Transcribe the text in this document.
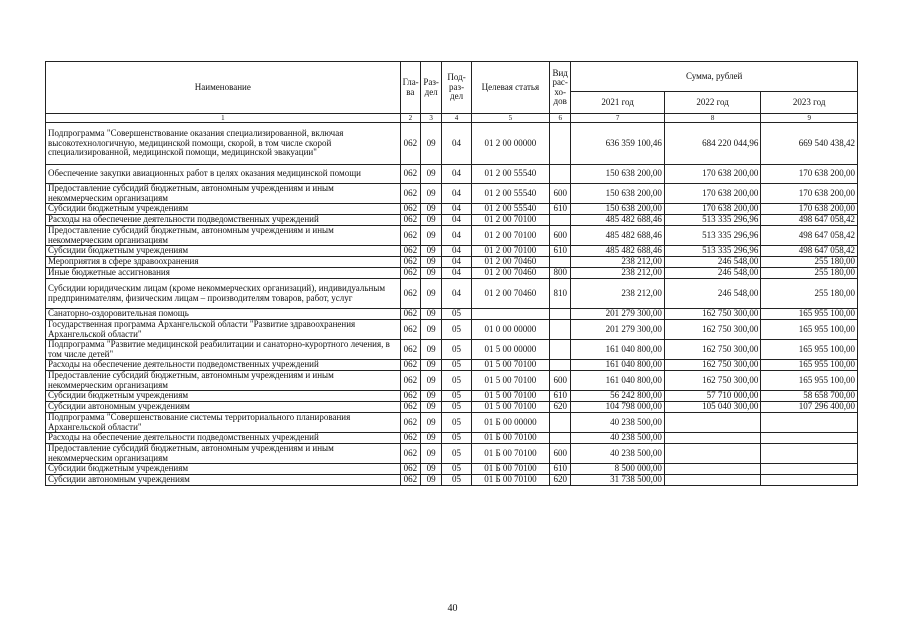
Наименование	Гла-ва	Раз-дел	Под-раз-дел	Целевая статья	Вид рас-хо-дов	Сумма, рублей		
						2021 год	2022 год	2023 год
1	2	3	4	5	6	7	8	9
Подпрограмма "Совершенствование оказания специализированной, включая высокотехнологичную, медицинской помощи, скорой, в том числе скорой специализированной, медицинской помощи, медицинской эвакуации"	062	09	04	01 2 00 00000		636 359 100,46	684 220 044,96	669 540 438,42
Обеспечение закупки авиационных работ в целях оказания медицинской помощи	062	09	04	01 2 00 55540		150 638 200,00	170 638 200,00	170 638 200,00
Предоставление субсидий бюджетным, автономным учреждениям и иным некоммерческим организациям	062	09	04	01 2 00 55540	600	150 638 200,00	170 638 200,00	170 638 200,00
Субсидии бюджетным учреждениям	062	09	04	01 2 00 55540	610	150 638 200,00	170 638 200,00	170 638 200,00
Расходы на обеспечение деятельности подведомственных учреждений	062	09	04	01 2 00 70100		485 482 688,46	513 335 296,96	498 647 058,42
Предоставление субсидий бюджетным, автономным учреждениям и иным некоммерческим организациям	062	09	04	01 2 00 70100	600	485 482 688,46	513 335 296,96	498 647 058,42
Субсидии бюджетным учреждениям	062	09	04	01 2 00 70100	610	485 482 688,46	513 335 296,96	498 647 058,42
Мероприятия в сфере здравоохранения	062	09	04	01 2 00 70460		238 212,00	246 548,00	255 180,00
Иные бюджетные ассигнования	062	09	04	01 2 00 70460	800	238 212,00	246 548,00	255 180,00
Субсидии юридическим лицам (кроме некоммерческих организаций), индивидуальным предпринимателям, физическим лицам – производителям товаров, работ, услуг	062	09	04	01 2 00 70460	810	238 212,00	246 548,00	255 180,00
Санаторно-оздоровительная помощь	062	09	05			201 279 300,00	162 750 300,00	165 955 100,00
Государственная программа Архангельской области "Развитие здравоохранения Архангельской области"	062	09	05	01 0 00 00000		201 279 300,00	162 750 300,00	165 955 100,00
Подпрограмма "Развитие медицинской реабилитации и санаторно-курортного лечения, в том числе детей"	062	09	05	01 5 00 00000		161 040 800,00	162 750 300,00	165 955 100,00
Расходы на обеспечение деятельности подведомственных учреждений	062	09	05	01 5 00 70100		161 040 800,00	162 750 300,00	165 955 100,00
Предоставление субсидий бюджетным, автономным учреждениям и иным некоммерческим организациям	062	09	05	01 5 00 70100	600	161 040 800,00	162 750 300,00	165 955 100,00
Субсидии бюджетным учреждениям	062	09	05	01 5 00 70100	610	56 242 800,00	57 710 000,00	58 658 700,00
Субсидии автономным учреждениям	062	09	05	01 5 00 70100	620	104 798 000,00	105 040 300,00	107 296 400,00
Подпрограмма "Совершенствование системы территориального планирования Архангельской области"	062	09	05	01 Б 00 00000		40 238 500,00		
Расходы на обеспечение деятельности подведомственных учреждений	062	09	05	01 Б 00 70100		40 238 500,00		
Предоставление субсидий бюджетным, автономным учреждениям и иным некоммерческим организациям	062	09	05	01 Б 00 70100	600	40 238 500,00		
Субсидии бюджетным учреждениям	062	09	05	01 Б 00 70100	610	8 500 000,00		
Субсидии автономным учреждениям	062	09	05	01 Б 00 70100	620	31 738 500,00		
40
